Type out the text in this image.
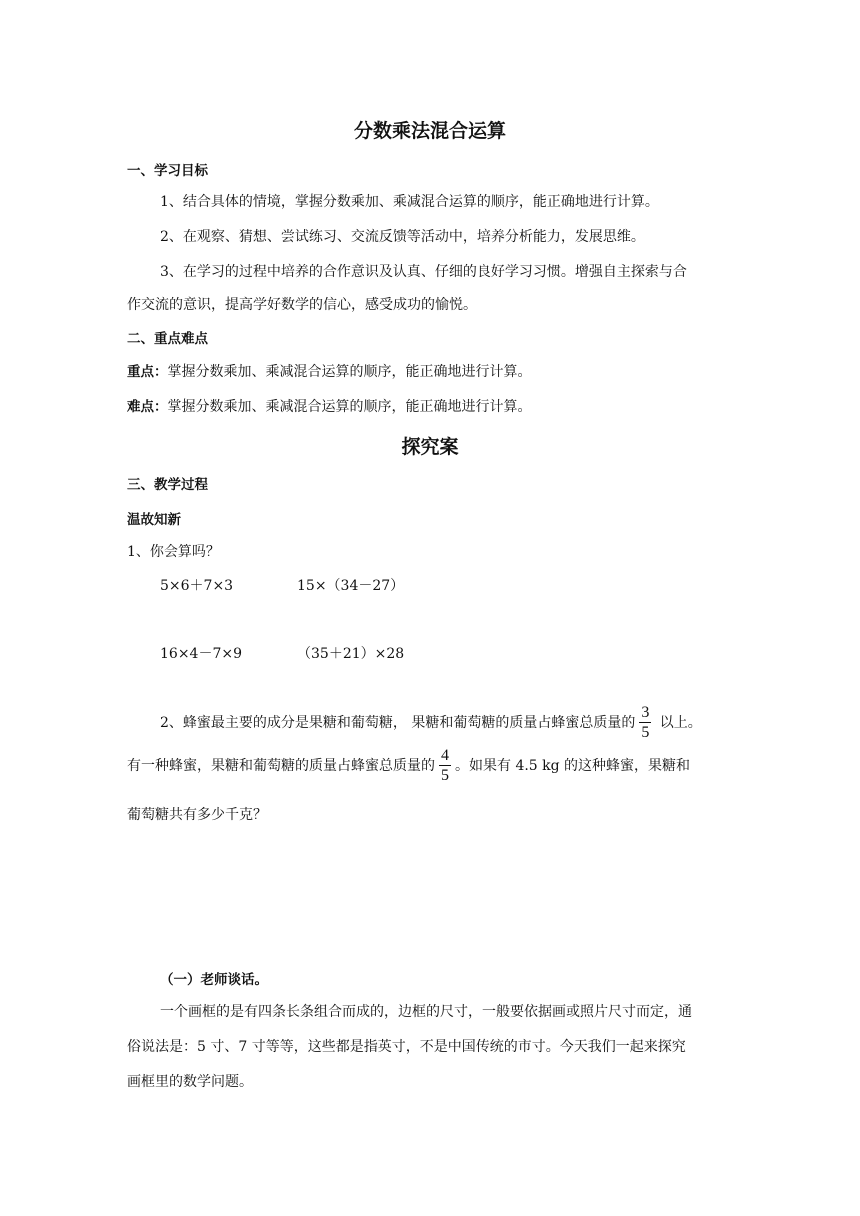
分数乘法混合运算
一、学习目标
1、结合具体的情境，掌握分数乘加、乘减混合运算的顺序，能正确地进行计算。
2、在观察、猜想、尝试练习、交流反馈等活动中，培养分析能力，发展思维。
3、在学习的过程中培养的合作意识及认真、仔细的良好学习习惯。增强自主探索与合
作交流的意识，提高学好数学的信心，感受成功的愉悦。
二、重点难点
重点：掌握分数乘加、乘减混合运算的顺序，能正确地进行计算。
难点：掌握分数乘加、乘减混合运算的顺序，能正确地进行计算。
探究案
三、教学过程
温故知新
1、你会算吗？
5×6＋7×3	15×（34－27）
16×4－7×9	（35＋21）×28
2、蜂蜜最主要的成分是果糖和葡萄糖， 果糖和葡萄糖的质量占蜂蜜总质量的 $\frac{3}{5}$ 以上。
有一种蜂蜜，果糖和葡萄糖的质量占蜂蜜总质量的 $\frac{4}{5}$ 。如果有 4.5 kg 的这种蜂蜜，果糖和
葡萄糖共有多少千克？
（一）老师谈话。
一个画框的是有四条长条组合而成的，边框的尺寸，一般要依据画或照片尺寸而定，通
俗说法是：5 寸、7 寸等等，这些都是指英寸，不是中国传统的市寸。今天我们一起来探究
画框里的数学问题。
